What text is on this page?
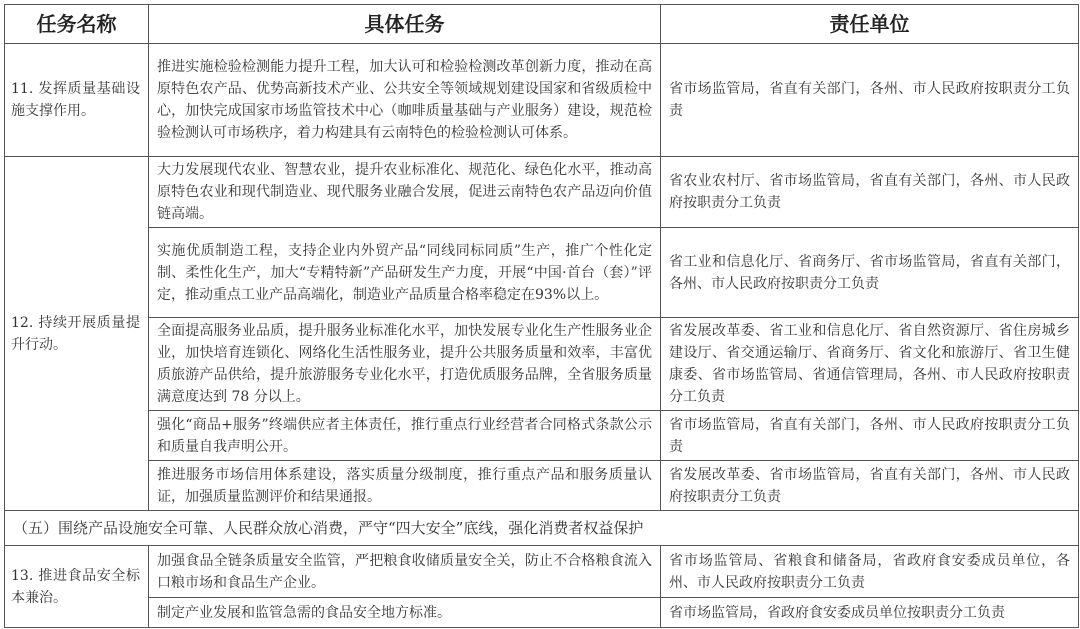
任务名称	具体任务	责任单位
11. 发挥质量基础设施支撑作用。	推进实施检验检测能力提升工程，加大认可和检验检测改革创新力度，推动在高原特色农产品、优势高新技术产业、公共安全等领域规划建设国家和省级质检中心，加快完成国家市场监管技术中心（咖啡质量基础与产业服务）建设，规范检验检测认可市场秩序，着力构建具有云南特色的检验检测认可体系。	省市场监管局，省直有关部门，各州、市人民政府按职责分工负责
12. 持续开展质量提升行动。	大力发展现代农业、智慧农业，提升农业标准化、规范化、绿色化水平，推动高原特色农业和现代制造业、现代服务业融合发展，促进云南特色农产品迈向价值链高端。	省农业农村厅、省市场监管局，省直有关部门，各州、市人民政府按职责分工负责
	实施优质制造工程，支持企业内外贸产品“同线同标同质”生产，推广个性化定制、柔性化生产，加大“专精特新”产品研发生产力度，开展“中国·首台（套）”评定，推动重点工业产品高端化，制造业产品质量合格率稳定在93%以上。	省工业和信息化厅、省商务厅、省市场监管局，省直有关部门，各州、市人民政府按职责分工负责
	全面提高服务业品质，提升服务业标准化水平，加快发展专业化生产性服务业企业，加快培育连锁化、网络化生活性服务业，提升公共服务质量和效率，丰富优质旅游产品供给，提升旅游服务专业化水平，打造优质服务品牌，全省服务质量满意度达到 78 分以上。	省发展改革委、省工业和信息化厅、省自然资源厅、省住房城乡建设厅、省交通运输厅、省商务厅、省文化和旅游厅、省卫生健康委、省市场监管局、省通信管理局，各州、市人民政府按职责分工负责
	强化“商品+服务”终端供应者主体责任，推行重点行业经营者合同格式条款公示和质量自我声明公开。	省市场监管局，省直有关部门，各州、市人民政府按职责分工负责
	推进服务市场信用体系建设，落实质量分级制度，推行重点产品和服务质量认证，加强质量监测评价和结果通报。	省发展改革委、省市场监管局，省直有关部门，各州、市人民政府按职责分工负责
（五）围绕产品设施安全可靠、人民群众放心消费，严守“四大安全”底线，强化消费者权益保护		
13. 推进食品安全标本兼治。	加强食品全链条质量安全监管，严把粮食收储质量安全关，防止不合格粮食流入口粮市场和食品生产企业。	省市场监管局、省粮食和储备局，省政府食安委成员单位，各州、市人民政府按职责分工负责
	制定产业发展和监管急需的食品安全地方标准。	省市场监管局，省政府食安委成员单位按职责分工负责
